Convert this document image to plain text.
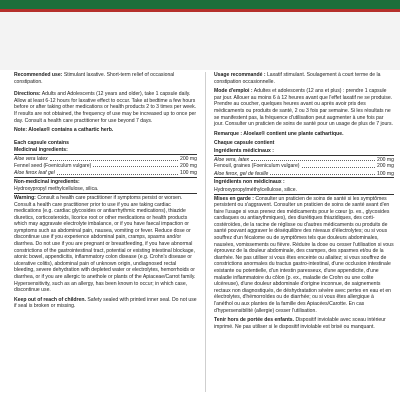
Recommended use: Stimulant laxative. Short-term relief of occasional constipation.

Directions: Adults and Adolescents (12 years and older), take 1 capsule daily. Allow at least 6-12 hours for laxative effect to occur. Take at bedtime a few hours before or after taking other medications or health products 2 to 3 times per week. If results are not obtained, the frequency of use may be increased up to once per day. Consult a health care practitioner for use beyond 7 days.

Note: Aloelax® contains a cathartic herb.

Each capsule contains
Medicinal ingredients:
Aloe vera latex	200 mg
Fennel seed (Foeniculum vulgare)	200 mg
Aloe ferox leaf gel	100 mg
Non-medicinal ingredients:

Hydroxypropyl methylcellulose, silica.

Warning: Consult a health care practitioner if symptoms persist or worsen. Consult a health care practitioner prior to use if you are taking cardiac medications (e.g. cardiac glycosides or antiarrhythmic medications), thiazide diuretics, corticosteroids, licorice root or other medications or health products which may aggravate electrolyte imbalance, or if you have faecal impaction or symptoms such as abdominal pain, nausea, vomiting or fever. Reduce dose or discontinue use if you experience abdominal pain, cramps, spasms and/or diarrhea. Do not use if you are pregnant or breastfeeding, if you have abnormal constrictions of the gastrointestinal tract, potential or existing intestinal blockage, atonic bowel, appendicitis, inflammatory colon disease (e.g. Crohn's disease or ulcerative colitis), abdominal pain of unknown origin, undiagnosed rectal bleeding, severe dehydration with depleted water or electrolytes, hemorrhoids or diarrhea, or if you are allergic to anethole or plants of the Apiaceae/Carrot family. Hypersensitivity, such as an allergy, has been known to occur; in which case, discontinue use.

Keep out of reach of children. Safety sealed with printed inner seal. Do not use if seal is broken or missing.

Usage recommandé : Laxatif stimulant. Soulagement à court terme de la constipation occasionnelle.

Mode d'emploi : Adultes et adolescents (12 ans et plus) : prendre 1 capsule par jour. Allouer au moins 6 à 12 heures avant que l'effet laxatif ne se produise. Prendre au coucher, quelques heures avant ou après avoir pris des médicaments ou produits de santé, 2 ou 3 fois par semaine. Si les résultats ne se manifestent pas, la fréquence d'utilisation peut augmenter à une fois par jour. Consulter un praticien de soins de santé pour un usage de plus de 7 jours.

Remarque : Aloelax® contient une plante cathartique.

Chaque capsule contient
Ingrédients médicinaux :
Aloe vera, latex	200 mg
Fenouil, graines (Foeniculum vulgare)	200 mg
Aloe ferox, gel de feuille	100 mg
Ingrédients non médicinaux :

Hydroxypropylméthylcellulose, silice.

Mises en garde : Consulter un praticien de soins de santé si les symptômes persistent ou s'aggravent. Consulter un praticien de soins de santé avant d'en faire l'usage si vous prenez des médicaments pour le cœur (p. ex., glycosides cardiaques ou antiarythmiques), des diurétiques thiazidiques, des corti-costéroïdes, de la racine de réglisse ou d'autres médicaments ou produits de santé pouvant aggraver le déséquilibre des niveaux d'électrolytes; ou si vous souffrez d'un fécalome ou de symptômes tels que douleurs abdominales, nausées, vomissements ou fièvre. Réduire la dose ou cesser l'utilisation si vous éprouvez de la douleur abdominale, des crampes, des spasmes et/ou de la diarrhée. Ne pas utiliser si vous êtes enceinte ou allaitez; si vous souffrez de constrictions anormales du tractus gastro-intestinal, d'une occlusion intestinale existante ou potentielle, d'un intestin paresseux, d'une appendicite, d'une maladie inflammatoire du côlon (p. ex., maladie de Crohn ou une colite ulcéreuse), d'une douleur abdominale d'origine inconnue, de saignements rectaux non diagnostiqués, de déshydratation sévère avec pertes en eau et en électrolytes, d'hémorroïdes ou de diarrhée; ou si vous êtes allergique à l'anéthol ou aux plantes de la famille des Apiacées/Carotte. En cas d'hypersensibilité (allergie) cesser l'utilisation.

Tenir hors de portée des enfants. Dispositif inviolable avec sceau intérieur imprimé. Ne pas utiliser si le dispositif inviolable est brisé ou manquant.
